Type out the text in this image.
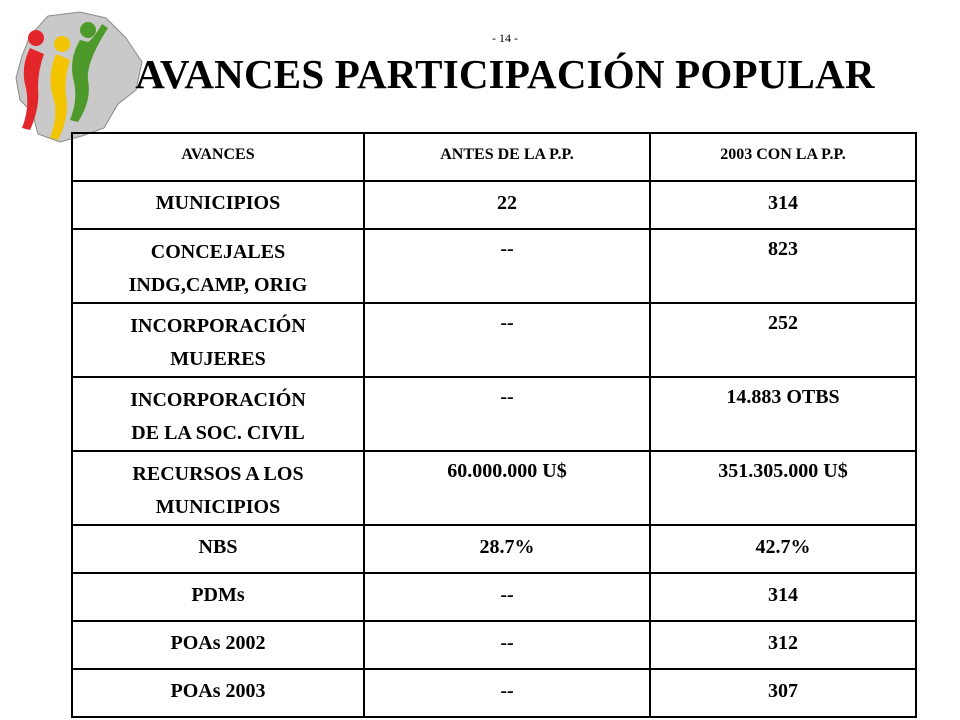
- 14 -
AVANCES PARTICIPACIÓN POPULAR
AVANCES	ANTES DE LA P.P.	2003 CON LA P.P.
MUNICIPIOS	22	314
CONCEJALES
INDG,CAMP, ORIG	--	823
INCORPORACIÓN
MUJERES	--	252
INCORPORACIÓN
DE LA SOC. CIVIL	--	14.883 OTBS
RECURSOS A LOS
MUNICIPIOS	60.000.000 U$	351.305.000 U$
NBS	28.7%	42.7%
PDMs	--	314
POAs 2002	--	312
POAs 2003	--	307
